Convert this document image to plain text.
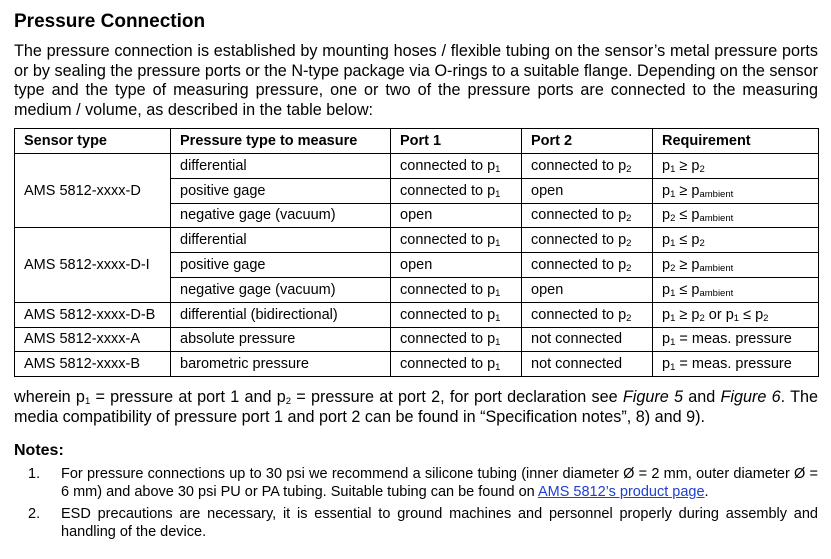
Pressure Connection

The pressure connection is established by mounting hoses / flexible tubing on the sensor’s metal pressure ports or by sealing the pressure ports or the N-type package via O-rings to a suitable flange. Depending on the sensor type and the type of measuring pressure, one or two of the pressure ports are connected to the measuring medium / volume, as described in the table below:

Sensor type	Pressure type to measure	Port 1	Port 2	Requirement
AMS 5812-xxxx-D	differential	connected to $p_1$	connected to $p_2$	$p_1 \ge p_2$
	positive gage	connected to $p_1$	open	$p_1 \ge p_{ambient}$
	negative gage (vacuum)	open	connected to $p_2$	$p_2 \le p_{ambient}$
AMS 5812-xxxx-D-I	differential	connected to $p_1$	connected to $p_2$	$p_1 \le p_2$
	positive gage	open	connected to $p_2$	$p_2 \ge p_{ambient}$
	negative gage (vacuum)	connected to $p_1$	open	$p_1 \le p_{ambient}$
AMS 5812-xxxx-D-B	differential (bidirectional)	connected to $p_1$	connected to $p_2$	$p_1 \ge p_2$ or $p_1 \le p_2$
AMS 5812-xxxx-A	absolute pressure	connected to $p_1$	not connected	$p_1$ = meas. pressure
AMS 5812-xxxx-B	barometric pressure	connected to $p_1$	not connected	$p_1$ = meas. pressure

wherein $p_1$ = pressure at port 1 and $p_2$ = pressure at port 2, for port declaration see Figure 5 and Figure 6. The media compatibility of pressure port 1 and port 2 can be found in “Specification notes”, 8) and 9).

Notes:

1. For pressure connections up to 30 psi we recommend a silicone tubing (inner diameter Ø = 2 mm, outer diameter Ø = 6 mm) and above 30 psi PU or PA tubing. Suitable tubing can be found on AMS 5812’s product page.
2. ESD precautions are necessary, it is essential to ground machines and personnel properly during assembly and handling of the device.
